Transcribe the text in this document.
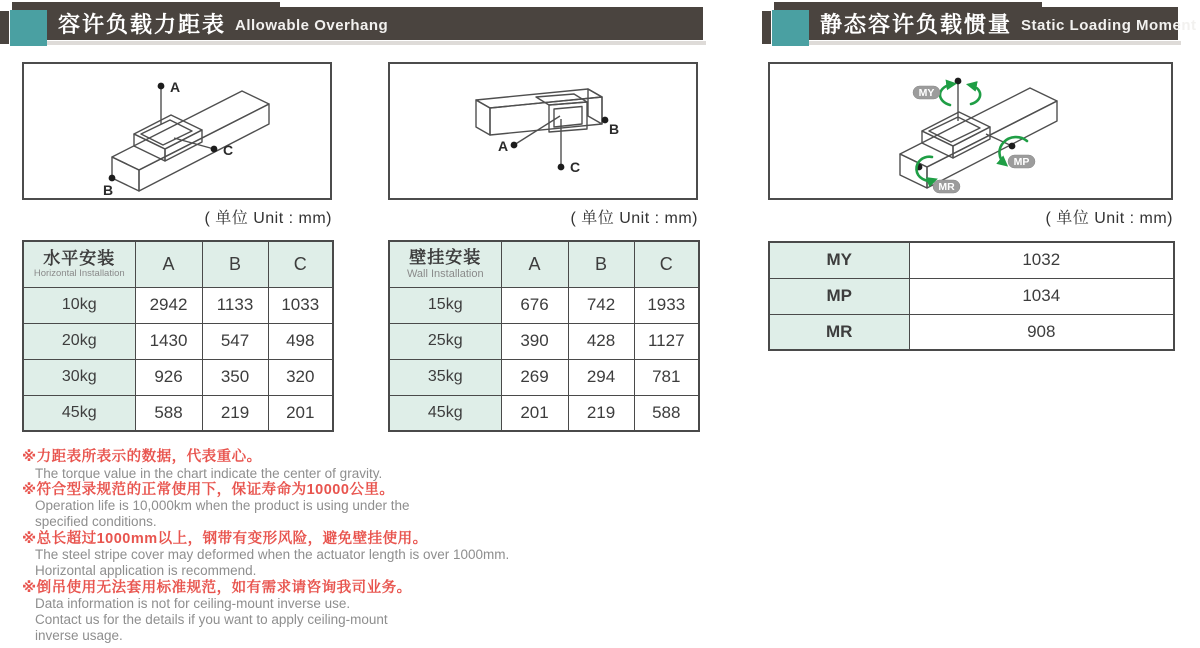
容许负载力距表 Allowable Overhang	静态容许负载惯量 Static Loading Moment
A
B
C	A
B
C
MY
MP
MR
( 单位 Unit : mm)	( 单位 Unit : mm)	( 单位 Unit : mm)
水平安装
Horizontal Installation	A	B	C
10kg	2942	1133	1033
20kg	1430	547	498
30kg	926	350	320
45kg	588	219	201
壁挂安装
Wall Installation	A	B	C
15kg	676	742	1933
25kg	390	428	1127
35kg	269	294	781
45kg	201	219	588
MY	1032
MP	1034
MR	908
※力距表所表示的数据，代表重心。
The torque value in the chart indicate the center of gravity.
※符合型录规范的正常使用下，保证寿命为10000公里。
Operation life is 10,000km when the product is using under the
specified conditions.
※总长超过1000mm以上，钢带有变形风险，避免壁挂使用。
The steel stripe cover may deformed when the actuator length is over 1000mm.
Horizontal application is recommend.
※倒吊使用无法套用标准规范，如有需求请咨询我司业务。
Data information is not for ceiling-mount inverse use.
Contact us for the details if you want to apply ceiling-mount
inverse usage.
